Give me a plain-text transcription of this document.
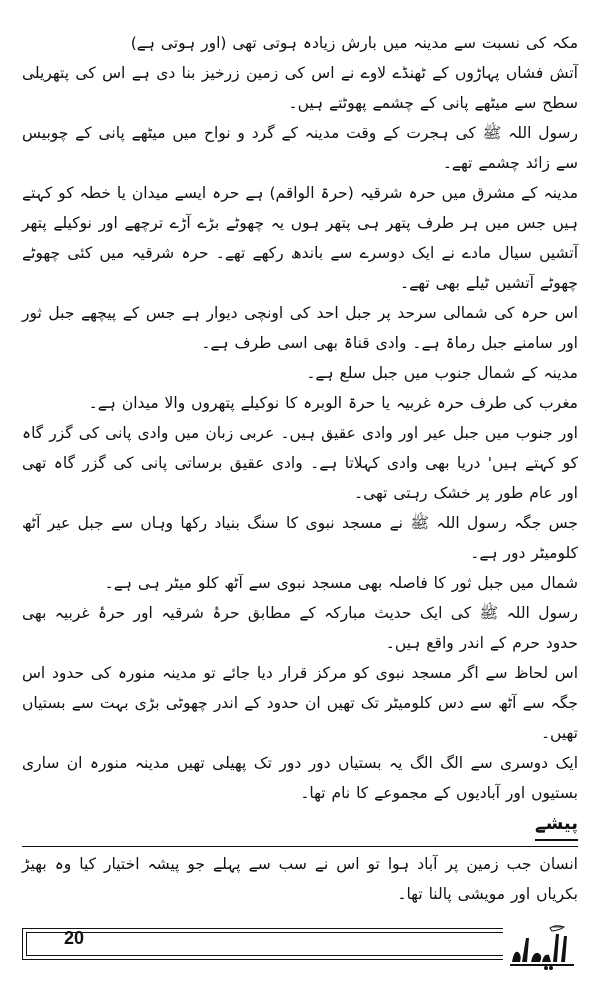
مکہ کی نسبت سے مدینہ میں بارش زیادہ ہوتی تھی (اور ہوتی ہے)

آتش فشاں پہاڑوں کے ٹھنڈے لاوے نے اس کی زمین زرخیز بنا دی ہے اس کی پتھریلی سطح سے میٹھے پانی کے چشمے پھوٹتے ہیں۔

رسول اللہ ﷺ کی ہجرت کے وقت مدینہ کے گرد و نواح میں میٹھے پانی کے چوبیس سے زائد چشمے تھے۔

مدینہ کے مشرق میں حرہ شرقیہ (حرۃ الواقم) ہے حرہ ایسے میدان یا خطہ کو کہتے ہیں جس میں ہر طرف پتھر ہی پتھر ہوں یہ چھوٹے بڑے آڑے ترچھے اور نوکیلے پتھر آتشیں سیال مادے نے ایک دوسرے سے باندھ رکھے تھے۔ حرہ شرقیہ میں کئی چھوٹے چھوٹے آتشیں ٹیلے بھی تھے۔

اس حرہ کی شمالی سرحد پر جبل احد کی اونچی دیوار ہے جس کے پیچھے جبل ثور اور سامنے جبل رماۃ ہے۔ وادی قناۃ بھی اسی طرف ہے۔

مدینہ کے شمال جنوب میں جبل سلع ہے۔

مغرب کی طرف حرہ غربیہ یا حرۃ الوبرہ کا نوکیلے پتھروں والا میدان ہے۔

اور جنوب میں جبل عیر اور وادی عقیق ہیں۔ عربی زبان میں وادی پانی کی گزر گاہ کو کہتے ہیں' دریا بھی وادی کہلاتا ہے۔ وادی عقیق برساتی پانی کی گزر گاہ تھی اور عام طور پر خشک رہتی تھی۔

جس جگہ رسول اللہ ﷺ نے مسجد نبوی کا سنگ بنیاد رکھا وہاں سے جبل عیر آٹھ کلومیٹر دور ہے۔

شمال میں جبل ثور کا فاصلہ بھی مسجد نبوی سے آٹھ کلو میٹر ہی ہے۔

رسول اللہ ﷺ کی ایک حدیث مبارکہ کے مطابق حرۂ شرقیہ اور حرۂ غربیہ بھی حدود حرم کے اندر واقع ہیں۔

اس لحاظ سے اگر مسجد نبوی کو مرکز قرار دیا جائے تو مدینہ منورہ کی حدود اس جگہ سے آٹھ سے دس کلومیٹر تک تھیں ان حدود کے اندر چھوٹی بڑی بہت سے بستیاں تھیں۔

ایک دوسری سے الگ الگ یہ بستیاں دور دور تک پھیلی تھیں مدینہ منورہ ان ساری بستیوں اور آبادیوں کے مجموعے کا نام تھا۔

پیشے

انسان جب زمین پر آباد ہوا تو اس نے سب سے پہلے جو پیشہ اختیار کیا وہ بھیڑ بکریاں اور مویشی پالنا تھا۔

20
